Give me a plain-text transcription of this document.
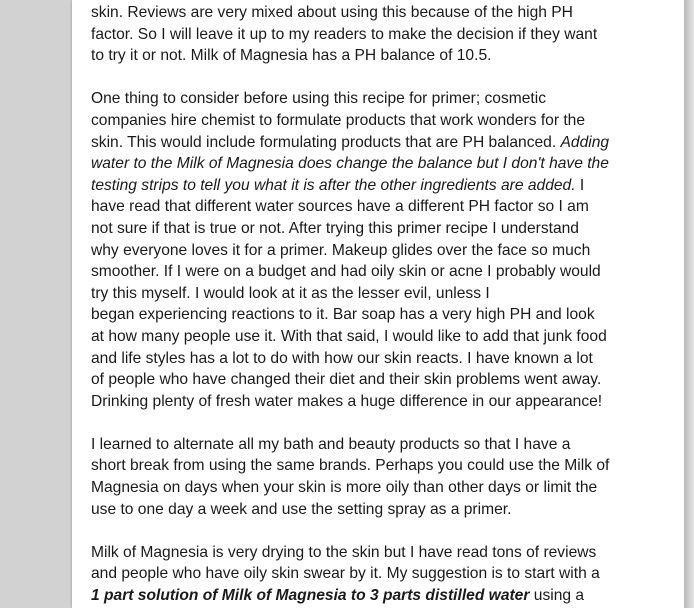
skin. Reviews are very mixed about using this because of the high PH
factor. So I will leave it up to my readers to make the decision if they want
to try it or not. Milk of Magnesia has a PH balance of 10.5.

One thing to consider before using this recipe for primer; cosmetic
companies hire chemist to formulate products that work wonders for the
skin. This would include formulating products that are PH balanced. Adding
water to the Milk of Magnesia does change the balance but I don't have the
testing strips to tell you what it is after the other ingredients are added. I
have read that different water sources have a different PH factor so I am
not sure if that is true or not. After trying this primer recipe I understand
why everyone loves it for a primer. Makeup glides over the face so much
smoother. If I were on a budget and had oily skin or acne I probably would
try this myself. I would look at it as the lesser evil, unless I
began experiencing reactions to it. Bar soap has a very high PH and look
at how many people use it. With that said, I would like to add that junk food
and life styles has a lot to do with how our skin reacts. I have known a lot
of people who have changed their diet and their skin problems went away.
Drinking plenty of fresh water makes a huge difference in our appearance!

I learned to alternate all my bath and beauty products so that I have a
short break from using the same brands. Perhaps you could use the Milk of
Magnesia on days when your skin is more oily than other days or limit the
use to one day a week and use the setting spray as a primer.

Milk of Magnesia is very drying to the skin but I have read tons of reviews
and people who have oily skin swear by it. My suggestion is to start with a
1 part solution of Milk of Magnesia to 3 parts distilled water using a
